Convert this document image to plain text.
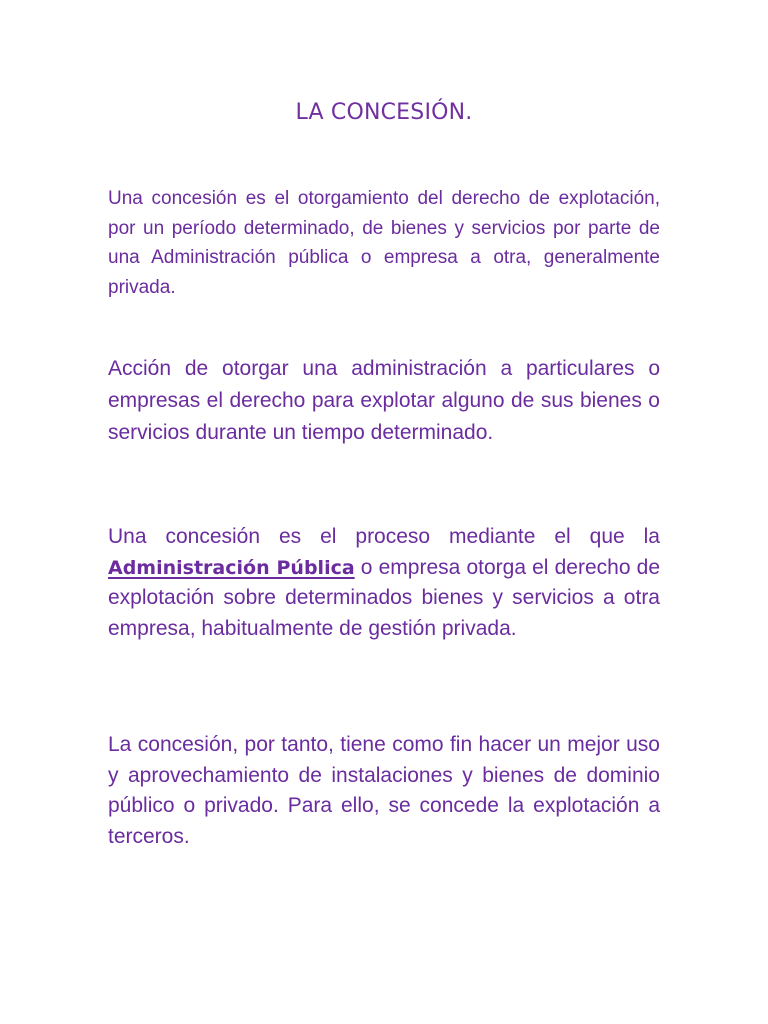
LA CONCESIÓN.

Una concesión es el otorgamiento del derecho de explotación, por un período determinado, de bienes y servicios por parte de una Administración pública o empresa a otra, generalmente privada.

Acción de otorgar una administración a particulares o empresas el derecho para explotar alguno de sus bienes o servicios durante un tiempo determinado.

Una concesión es el proceso mediante el que la Administración Pública o empresa otorga el derecho de explotación sobre determinados bienes y servicios a otra empresa, habitualmente de gestión privada.

La concesión, por tanto, tiene como fin hacer un mejor uso y aprovechamiento de instalaciones y bienes de dominio público o privado. Para ello, se concede la explotación a terceros.
